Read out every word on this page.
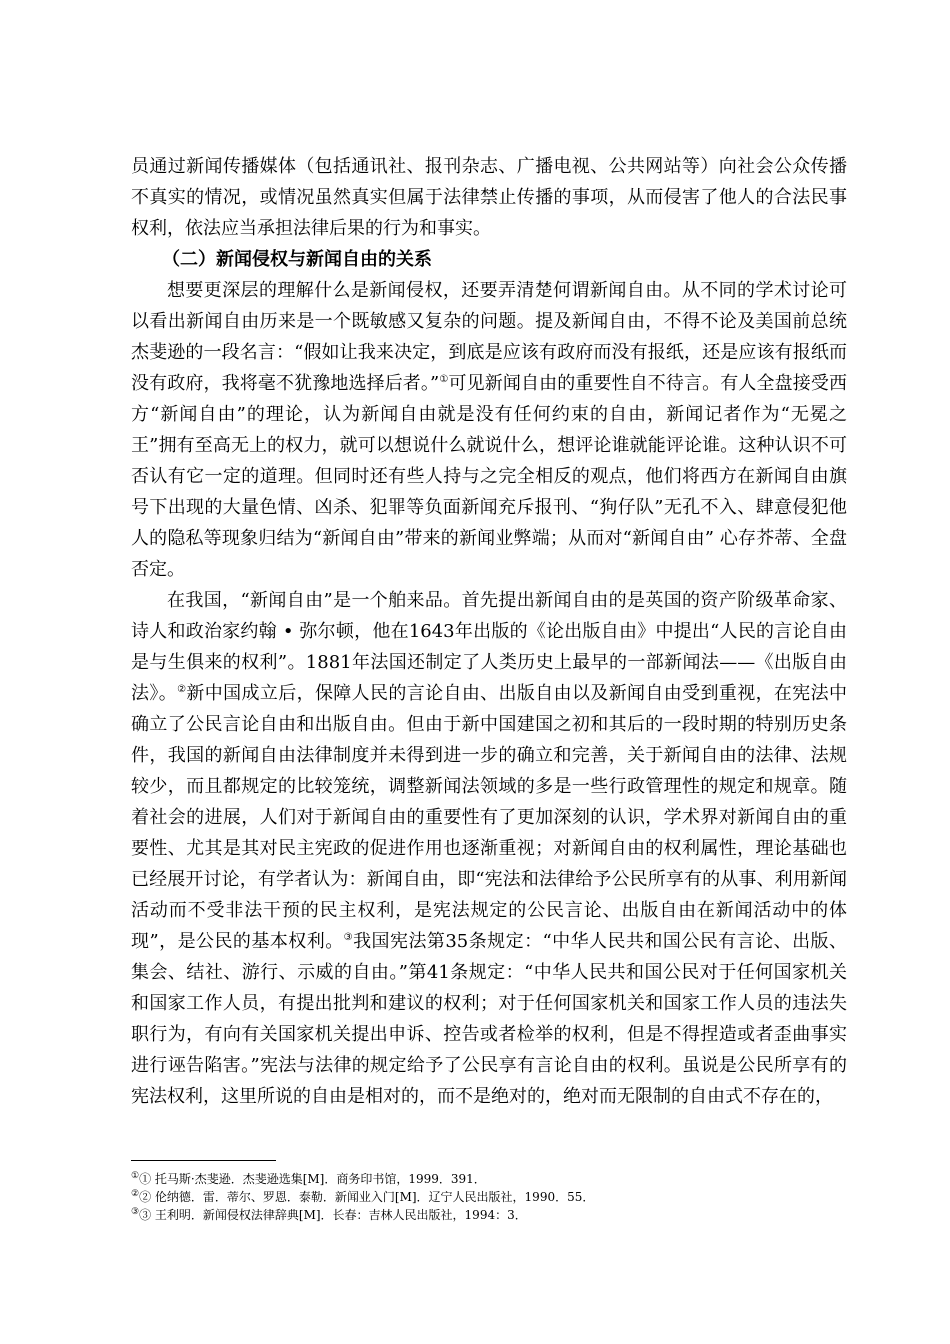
员通过新闻传播媒体（包括通讯社、报刊杂志、广播电视、公共网站等）向社会公众传播不真实的情况，或情况虽然真实但属于法律禁止传播的事项，从而侵害了他人的合法民事权利，依法应当承担法律后果的行为和事实。

（二）新闻侵权与新闻自由的关系

想要更深层的理解什么是新闻侵权，还要弄清楚何谓新闻自由。从不同的学术讨论可以看出新闻自由历来是一个既敏感又复杂的问题。提及新闻自由，不得不论及美国前总统杰斐逊的一段名言：“假如让我来决定，到底是应该有政府而没有报纸，还是应该有报纸而没有政府，我将毫不犹豫地选择后者。”①可见新闻自由的重要性自不待言。有人全盘接受西方“新闻自由”的理论，认为新闻自由就是没有任何约束的自由，新闻记者作为“无冕之王”拥有至高无上的权力，就可以想说什么就说什么，想评论谁就能评论谁。这种认识不可否认有它一定的道理。但同时还有些人持与之完全相反的观点，他们将西方在新闻自由旗号下出现的大量色情、凶杀、犯罪等负面新闻充斥报刊、“狗仔队”无孔不入、肆意侵犯他人的隐私等现象归结为“新闻自由”带来的新闻业弊端；从而对“新闻自由” 心存芥蒂、全盘否定。

在我国，“新闻自由”是一个舶来品。首先提出新闻自由的是英国的资产阶级革命家、诗人和政治家约翰 • 弥尔顿，他在1643年出版的《论出版自由》中提出“人民的言论自由是与生俱来的权利”。1881年法国还制定了人类历史上最早的一部新闻法——《出版自由法》。②新中国成立后，保障人民的言论自由、出版自由以及新闻自由受到重视，在宪法中确立了公民言论自由和出版自由。但由于新中国建国之初和其后的一段时期的特别历史条件，我国的新闻自由法律制度并未得到进一步的确立和完善，关于新闻自由的法律、法规较少，而且都规定的比较笼统，调整新闻法领域的多是一些行政管理性的规定和规章。随着社会的进展，人们对于新闻自由的重要性有了更加深刻的认识，学术界对新闻自由的重要性、尤其是其对民主宪政的促进作用也逐渐重视；对新闻自由的权利属性，理论基础也已经展开讨论，有学者认为：新闻自由，即“宪法和法律给予公民所享有的从事、利用新闻活动而不受非法干预的民主权利，是宪法规定的公民言论、出版自由在新闻活动中的体现”，是公民的基本权利。③我国宪法第35条规定：“中华人民共和国公民有言论、出版、集会、结社、游行、示威的自由。”第41条规定：“中华人民共和国公民对于任何国家机关和国家工作人员，有提出批判和建议的权利；对于任何国家机关和国家工作人员的违法失职行为，有向有关国家机关提出申诉、控告或者检举的权利，但是不得捏造或者歪曲事实进行诬告陷害。”宪法与法律的规定给予了公民享有言论自由的权利。虽说是公民所享有的宪法权利，这里所说的自由是相对的，而不是绝对的，绝对而无限制的自由式不存在的，

①① 托马斯·杰斐逊．杰斐逊选集[M]．商务印书馆，1999．391．

②② 伦纳德．雷．蒂尔、罗恩．泰勒．新闻业入门[M]．辽宁人民出版社，1990．55．

③③ 王利明．新闻侵权法律辞典[M]．长春：吉林人民出版社，1994：3．
